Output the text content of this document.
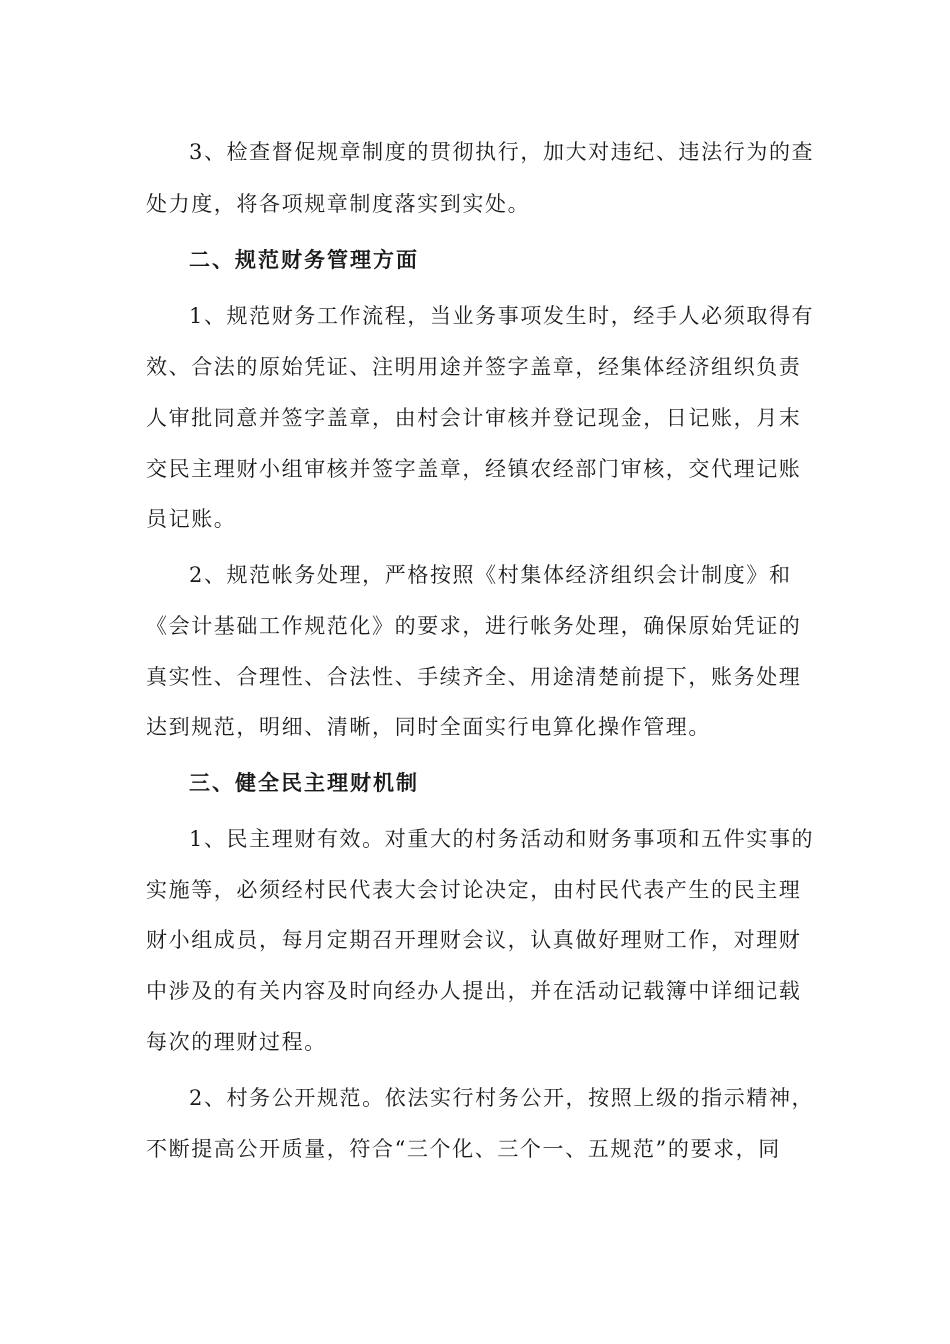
3、检查督促规章制度的贯彻执行，加大对违纪、违法行为的查
处力度，将各项规章制度落实到实处。
二、规范财务管理方面
1、规范财务工作流程，当业务事项发生时，经手人必须取得有
效、合法的原始凭证、注明用途并签字盖章，经集体经济组织负责
人审批同意并签字盖章，由村会计审核并登记现金，日记账，月末
交民主理财小组审核并签字盖章，经镇农经部门审核，交代理记账
员记账。
2、规范帐务处理，严格按照《村集体经济组织会计制度》和
《会计基础工作规范化》的要求，进行帐务处理，确保原始凭证的
真实性、合理性、合法性、手续齐全、用途清楚前提下，账务处理
达到规范，明细、清晰，同时全面实行电算化操作管理。
三、健全民主理财机制
1、民主理财有效。对重大的村务活动和财务事项和五件实事的
实施等，必须经村民代表大会讨论决定，由村民代表产生的民主理
财小组成员，每月定期召开理财会议，认真做好理财工作，对理财
中涉及的有关内容及时向经办人提出，并在活动记载簿中详细记载
每次的理财过程。
2、村务公开规范。依法实行村务公开，按照上级的指示精神，
不断提高公开质量，符合“三个化、三个一、五规范”的要求，同
